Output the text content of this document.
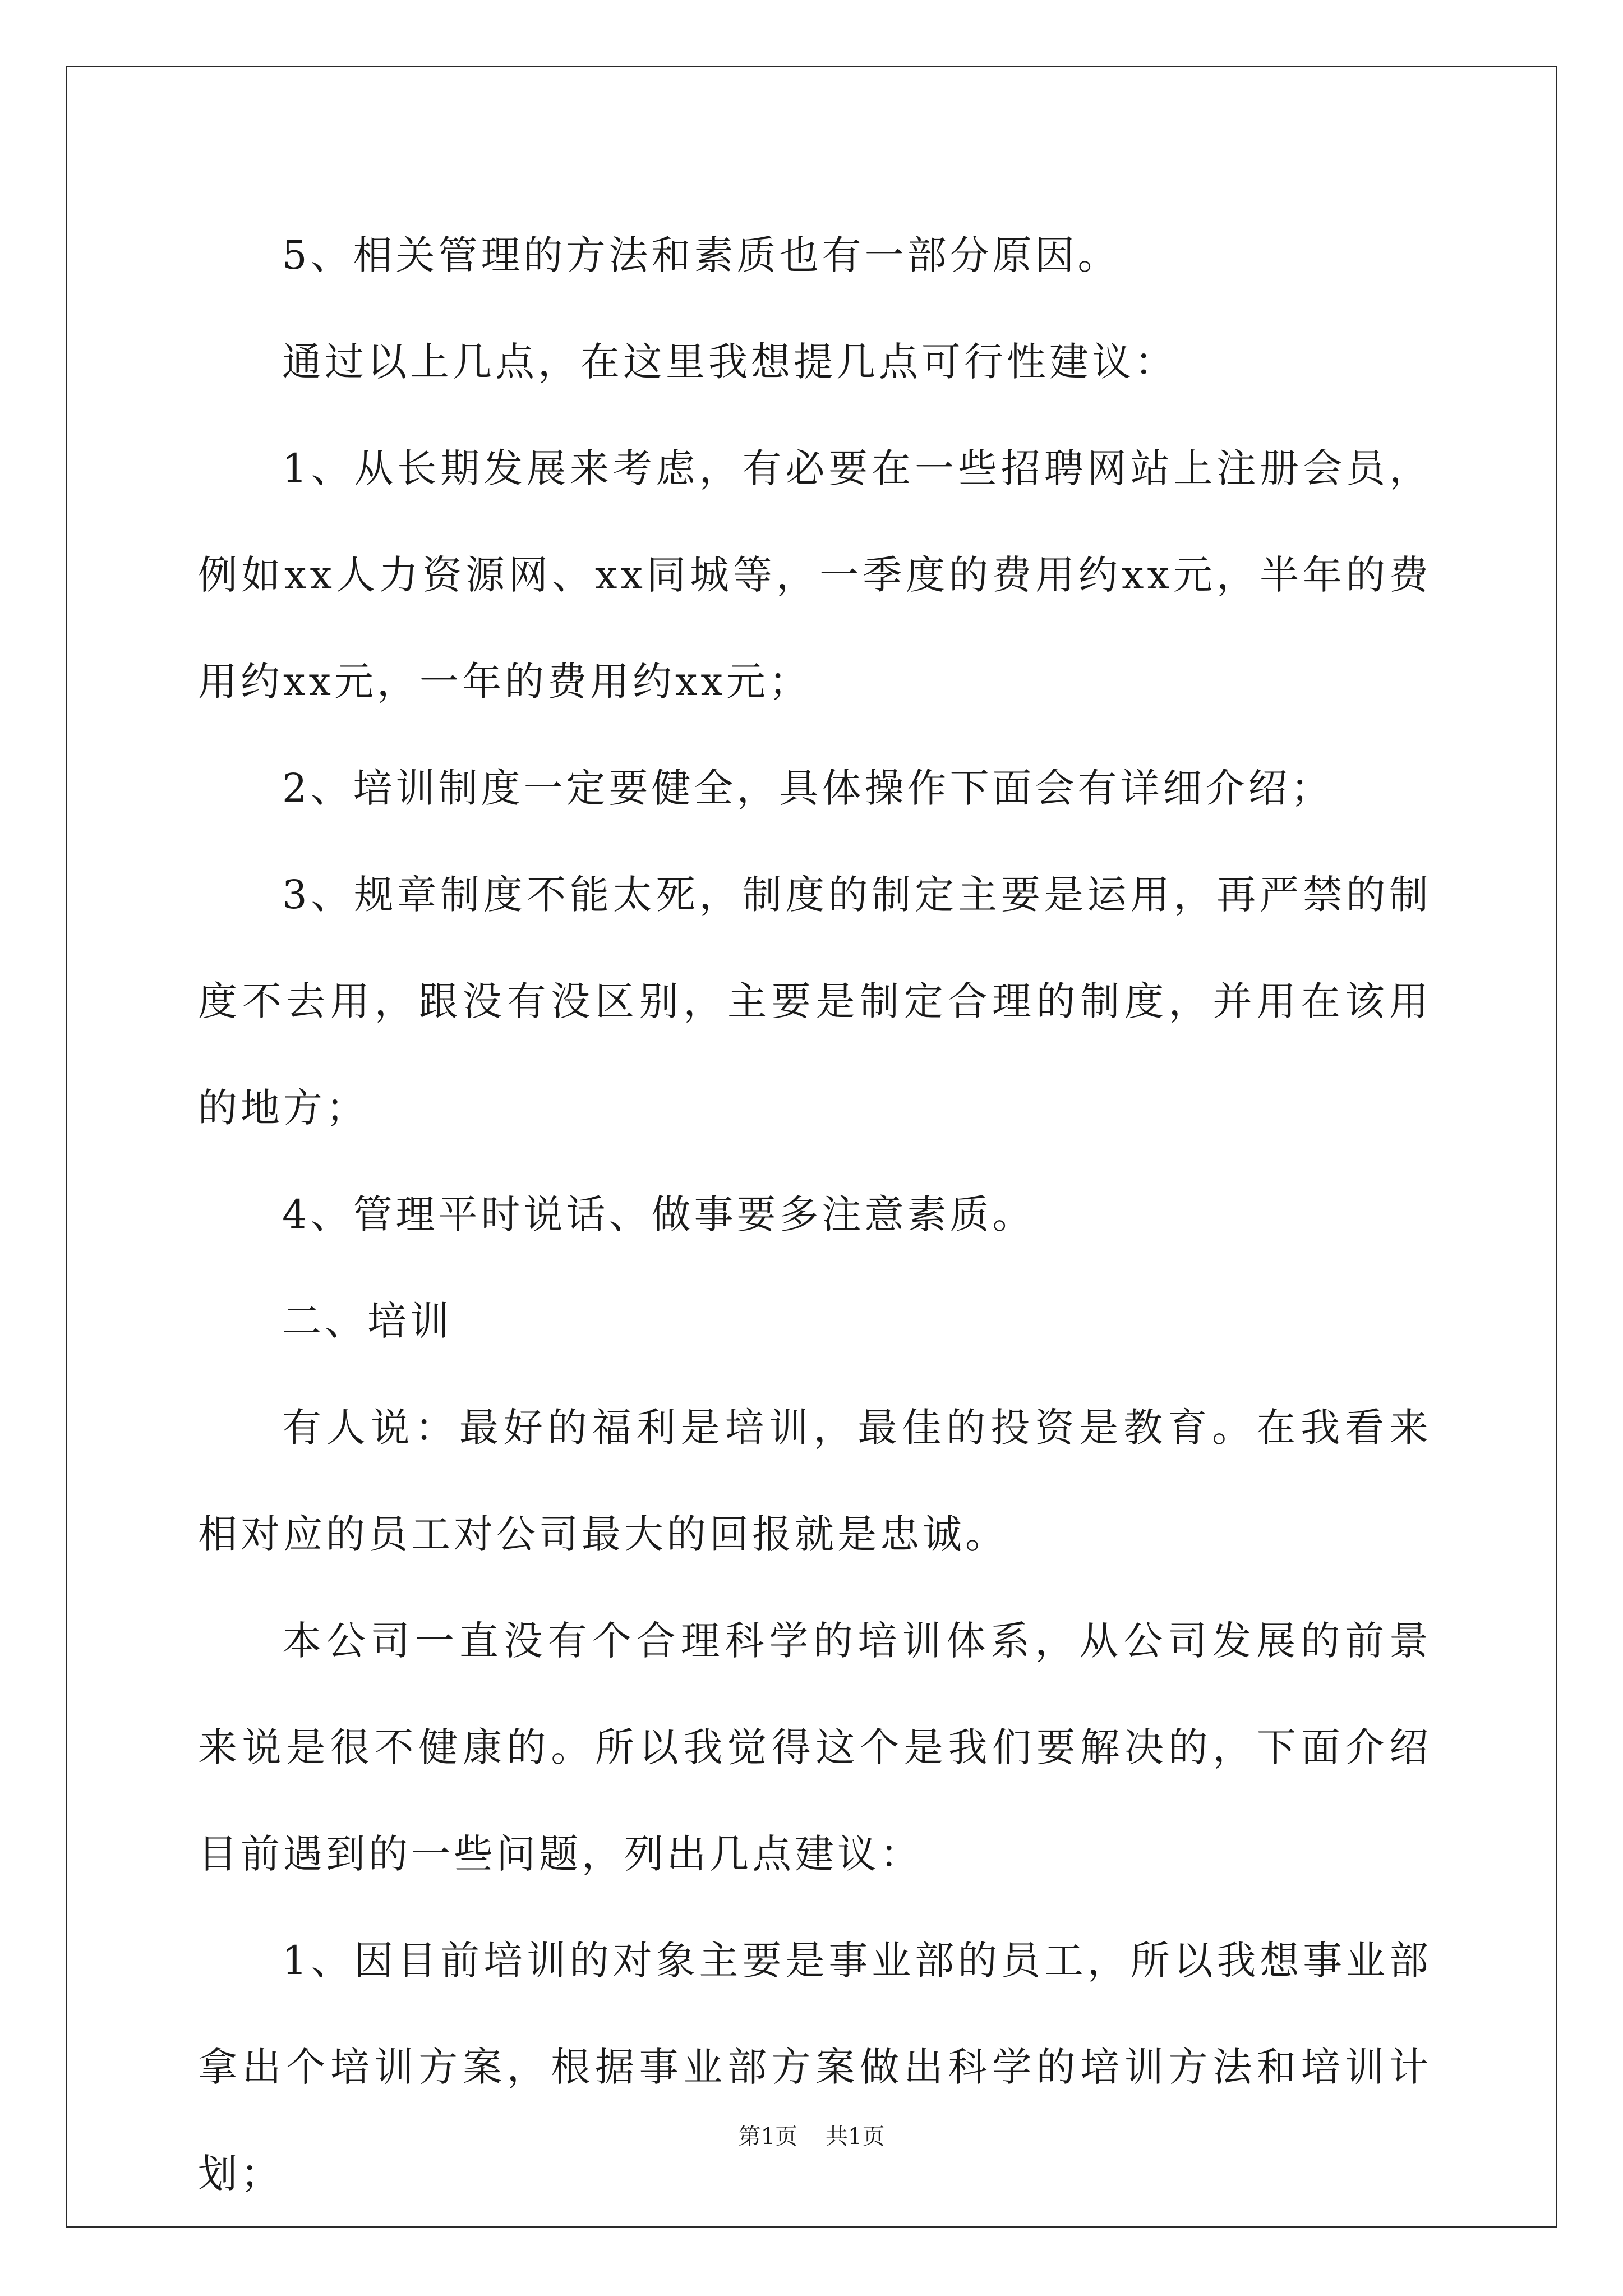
5、相关管理的方法和素质也有一部分原因。

通过以上几点，在这里我想提几点可行性建议：

1、从长期发展来考虑，有必要在一些招聘网站上注册会员，例如xx人力资源网、xx同城等，一季度的费用约xx元，半年的费用约xx元，一年的费用约xx元；

2、培训制度一定要健全，具体操作下面会有详细介绍；

3、规章制度不能太死，制度的制定主要是运用，再严禁的制度不去用，跟没有没区别，主要是制定合理的制度，并用在该用的地方；

4、管理平时说话、做事要多注意素质。

二、培训

有人说：最好的福利是培训，最佳的投资是教育。在我看来相对应的员工对公司最大的回报就是忠诚。

本公司一直没有个合理科学的培训体系，从公司发展的前景来说是很不健康的。所以我觉得这个是我们要解决的，下面介绍目前遇到的一些问题，列出几点建议：

1、因目前培训的对象主要是事业部的员工，所以我想事业部拿出个培训方案，根据事业部方案做出科学的培训方法和培训计划；

第1页 共1页
